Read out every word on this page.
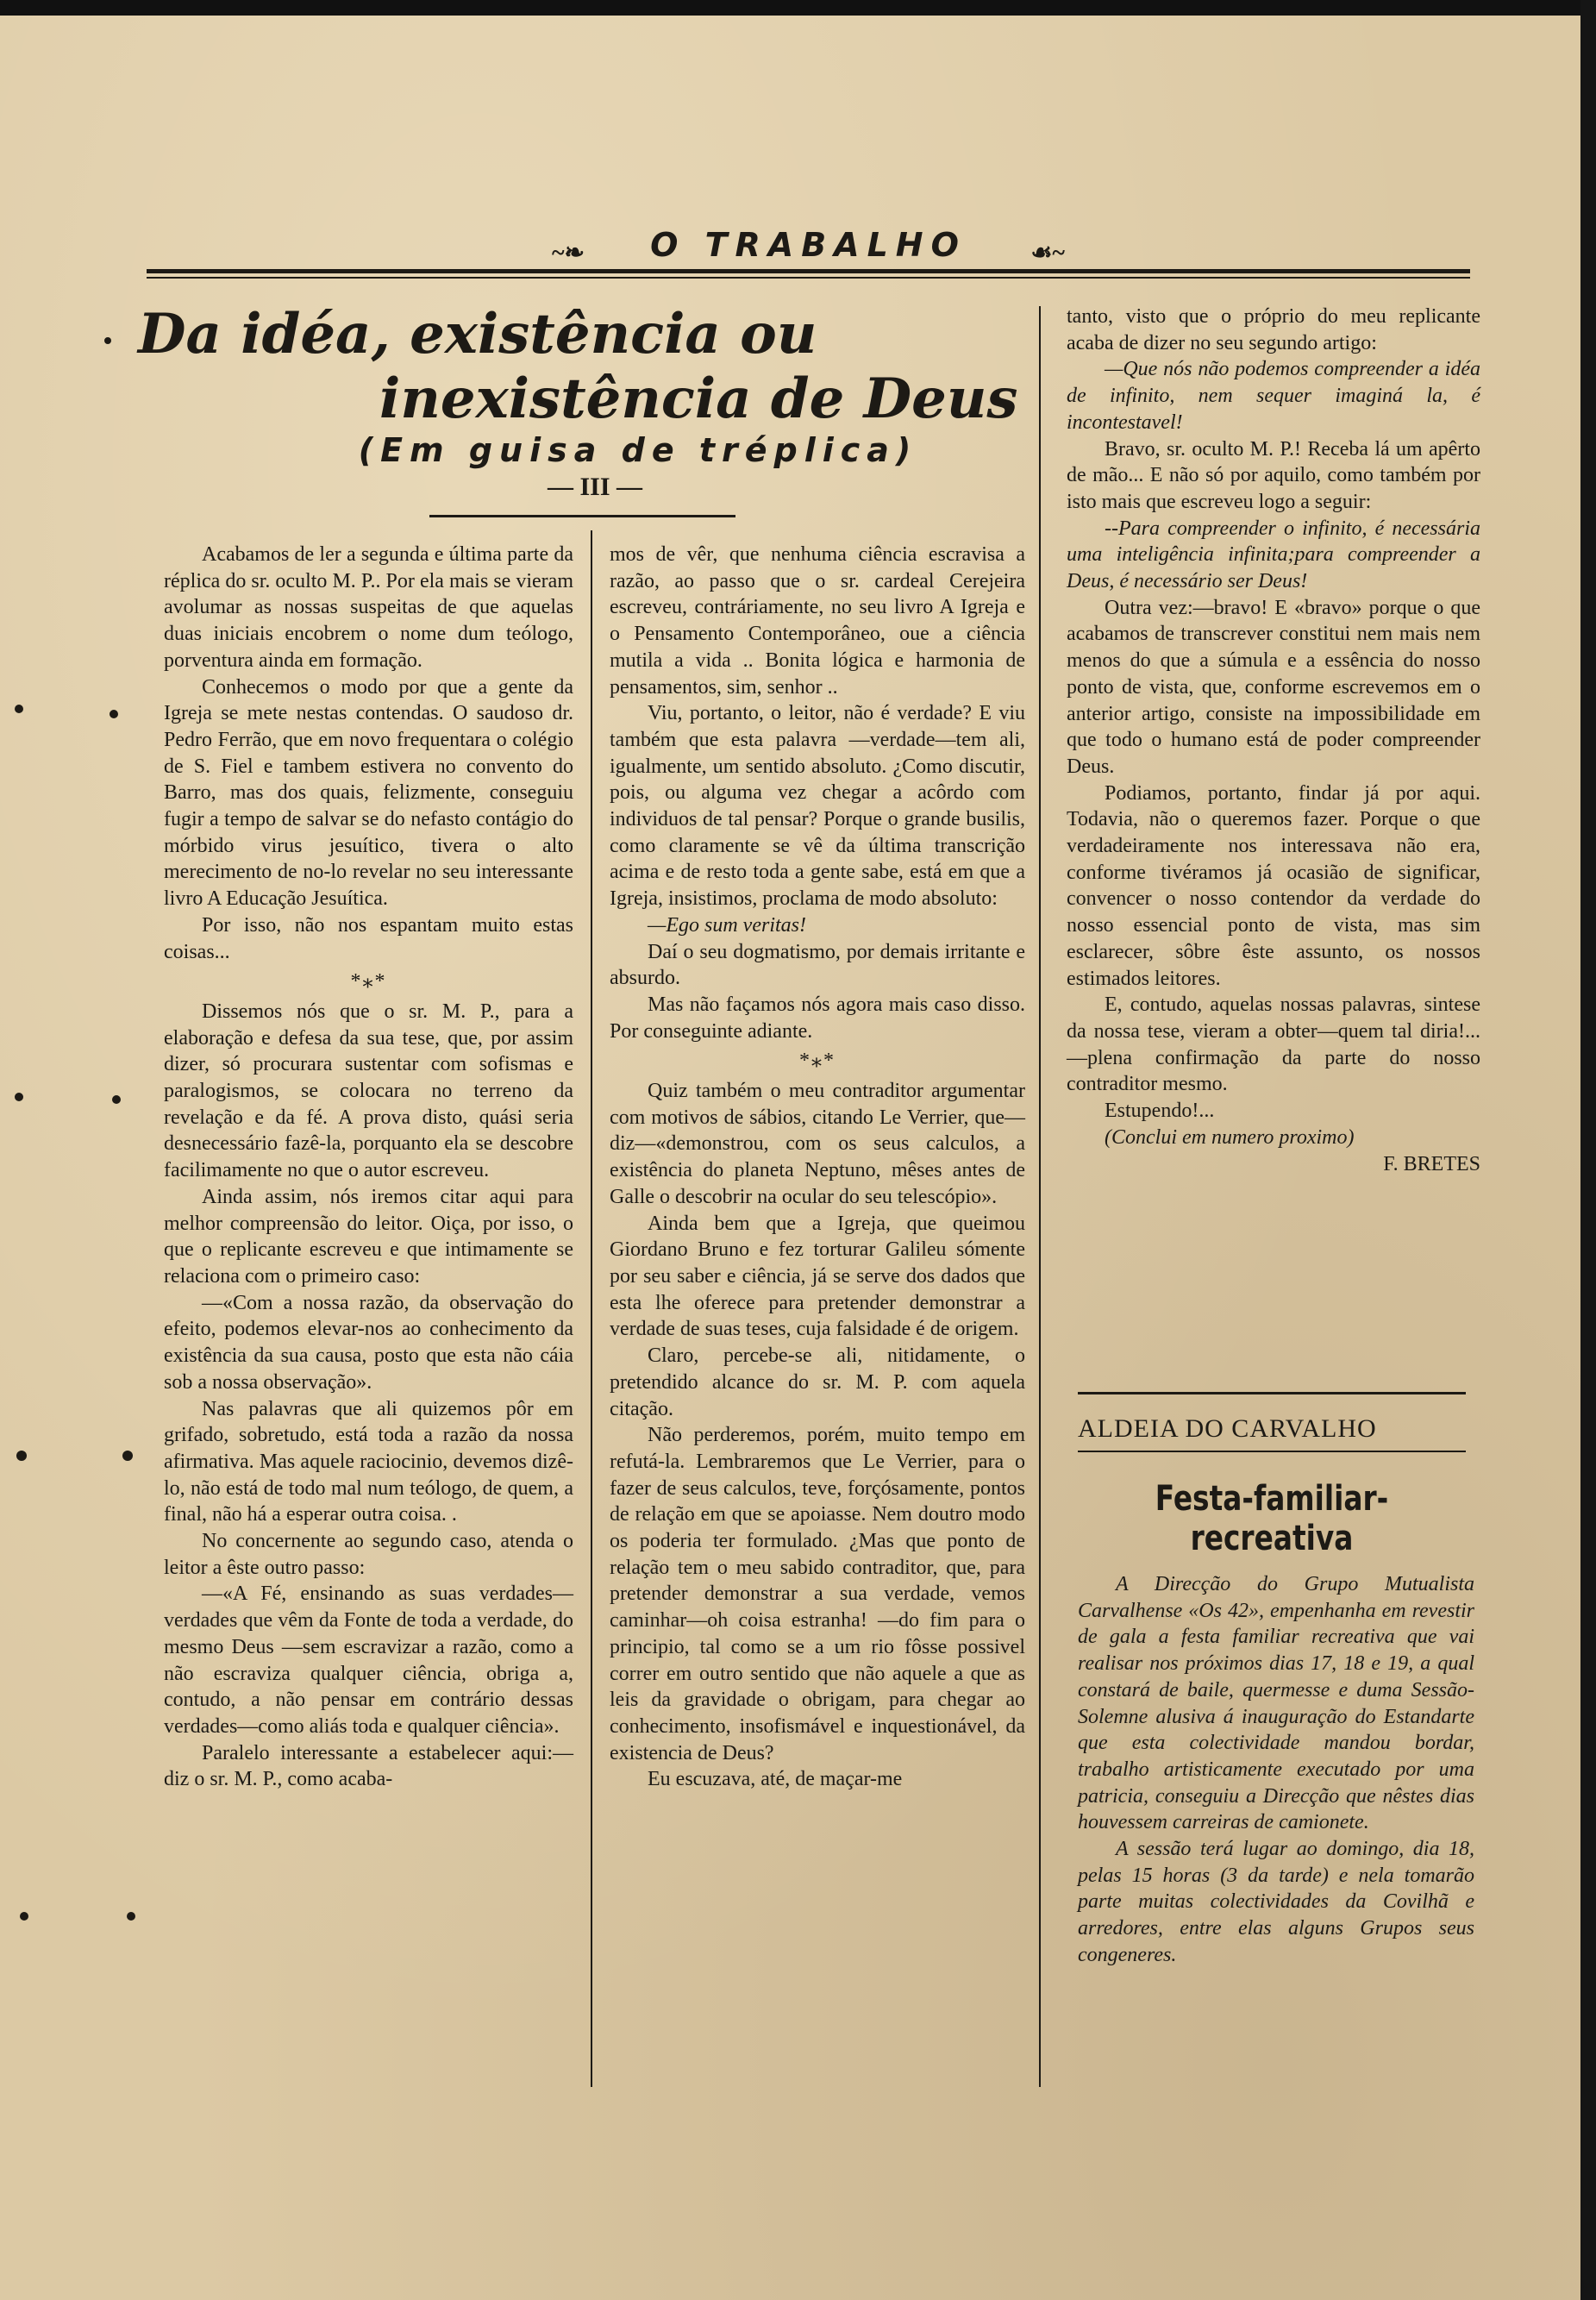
~❧	O TRABALHO	☙~
Da idéa, existência ou
inexistência de Deus
(Em guisa de tréplica)
— III —

Acabamos de ler a segunda e última parte da réplica do sr. oculto M. P.. Por ela mais se vieram avolumar as nossas suspeitas de que aquelas duas iniciais encobrem o nome dum teólogo, porventura ainda em formação.

Conhecemos o modo por que a gente da Igreja se mete nestas contendas. O saudoso dr. Pedro Ferrão, que em novo frequentara o colégio de S. Fiel e tambem estivera no convento do Barro, mas dos quais, felizmente, conseguiu fugir a tempo de salvar se do nefasto contágio do mórbido virus jesuítico, tivera o alto merecimento de no-lo revelar no seu interessante livro A Educação Jesuítica.

Por isso, não nos espantam muito estas coisas...

*⁎*

Dissemos nós que o sr. M. P., para a elaboração e defesa da sua tese, que, por assim dizer, só procurara sustentar com sofismas e paralogismos, se colocara no terreno da revelação e da fé. A prova disto, quási seria desnecessário fazê-la, porquanto ela se descobre facilimamente no que o autor escreveu.

Ainda assim, nós iremos citar aqui para melhor compreensão do leitor. Oiça, por isso, o que o replicante escreveu e que intimamente se relaciona com o primeiro caso:

—«Com a nossa razão, da observação do efeito, podemos elevar-nos ao conhecimento da existência da sua causa, posto que esta não cáia sob a nossa observação».

Nas palavras que ali quizemos pôr em grifado, sobretudo, está toda a razão da nossa afirmativa. Mas aquele raciocinio, devemos dizê-lo, não está de todo mal num teólogo, de quem, a final, não há a esperar outra coisa. .

No concernente ao segundo caso, atenda o leitor a êste outro passo:

—«A Fé, ensinando as suas verdades—verdades que vêm da Fonte de toda a verdade, do mesmo Deus —sem escravizar a razão, como a não escraviza qualquer ciência, obriga a, contudo, a não pensar em contrário dessas verdades—como aliás toda e qualquer ciência».

Paralelo interessante a estabelecer aqui:—diz o sr. M. P., como acaba-

mos de vêr, que nenhuma ciência escravisa a razão, ao passo que o sr. cardeal Cerejeira escreveu, contráriamente, no seu livro A Igreja e o Pensamento Contemporâneo, oue a ciência mutila a vida .. Bonita lógica e harmonia de pensamentos, sim, senhor ..

Viu, portanto, o leitor, não é verdade? E viu também que esta palavra —verdade—tem ali, igualmente, um sentido absoluto. ¿Como discutir, pois, ou alguma vez chegar a acôrdo com individuos de tal pensar? Porque o grande busilis, como claramente se vê da última transcrição acima e de resto toda a gente sabe, está em que a Igreja, insistimos, proclama de modo absoluto:

—Ego sum veritas!

Daí o seu dogmatismo, por demais irritante e absurdo.

Mas não façamos nós agora mais caso disso. Por conseguinte adiante.

*⁎*

Quiz também o meu contraditor argumentar com motivos de sábios, citando Le Verrier, que—diz—«demonstrou, com os seus calculos, a existência do planeta Neptuno, mêses antes de Galle o descobrir na ocular do seu telescópio».

Ainda bem que a Igreja, que queimou Giordano Bruno e fez torturar Galileu sómente por seu saber e ciência, já se serve dos dados que esta lhe oferece para pretender demonstrar a verdade de suas teses, cuja falsidade é de origem.

Claro, percebe-se ali, nitidamente, o pretendido alcance do sr. M. P. com aquela citação.

Não perderemos, porém, muito tempo em refutá-la. Lembraremos que Le Verrier, para o fazer de seus calculos, teve, forçósamente, pontos de relação em que se apoiasse. Nem doutro modo os poderia ter formulado. ¿Mas que ponto de relação tem o meu sabido contraditor, que, para pretender demonstrar a sua verdade, vemos caminhar—oh coisa estranha! —do fim para o principio, tal como se a um rio fôsse possivel correr em outro sentido que não aquele a que as leis da gravidade o obrigam, para chegar ao conhecimento, insofismável e inquestionável, da existencia de Deus?

Eu escuzava, até, de maçar-me

tanto, visto que o próprio do meu replicante acaba de dizer no seu segundo artigo:

—Que nós não podemos compreender a idéa de infinito, nem sequer imaginá la, é incontestavel!

Bravo, sr. oculto M. P.! Receba lá um apêrto de mão... E não só por aquilo, como também por isto mais que escreveu logo a seguir:

--Para compreender o infinito, é necessária uma inteligência infinita;para compreender a Deus, é necessário ser Deus!

Outra vez:—bravo! E «bravo» porque o que acabamos de transcrever constitui nem mais nem menos do que a súmula e a essência do nosso ponto de vista, que, conforme escrevemos em o anterior artigo, consiste na impossibilidade em que todo o humano está de poder compreender Deus.

Podiamos, portanto, findar já por aqui. Todavia, não o queremos fazer. Porque o que verdadeiramente nos interessava não era, conforme tivéramos já ocasião de significar, convencer o nosso contendor da verdade do nosso essencial ponto de vista, mas sim esclarecer, sôbre êste assunto, os nossos estimados leitores.

E, contudo, aquelas nossas palavras, sintese da nossa tese, vieram a obter—quem tal diria!...—plena confirmação da parte do nosso contraditor mesmo.

Estupendo!...

(Conclui em numero proximo)

F. BRETES

ALDEIA DO CARVALHO
Festa-familiar-recreativa

A Direcção do Grupo Mutualista Carvalhense «Os 42», empenhanha em revestir de gala a festa familiar recreativa que vai realisar nos próximos dias 17, 18 e 19, a qual constará de baile, quermesse e duma Sessão-Solemne alusiva á inauguração do Estandarte que esta colectividade mandou bordar, trabalho artisticamente executado por uma patricia, conseguiu a Direcção que nêstes dias houvessem carreiras de camionete.

A sessão terá lugar ao domingo, dia 18, pelas 15 horas (3 da tarde) e nela tomarão parte muitas colectividades da Covilhã e arredores, entre elas alguns Grupos seus congeneres.
